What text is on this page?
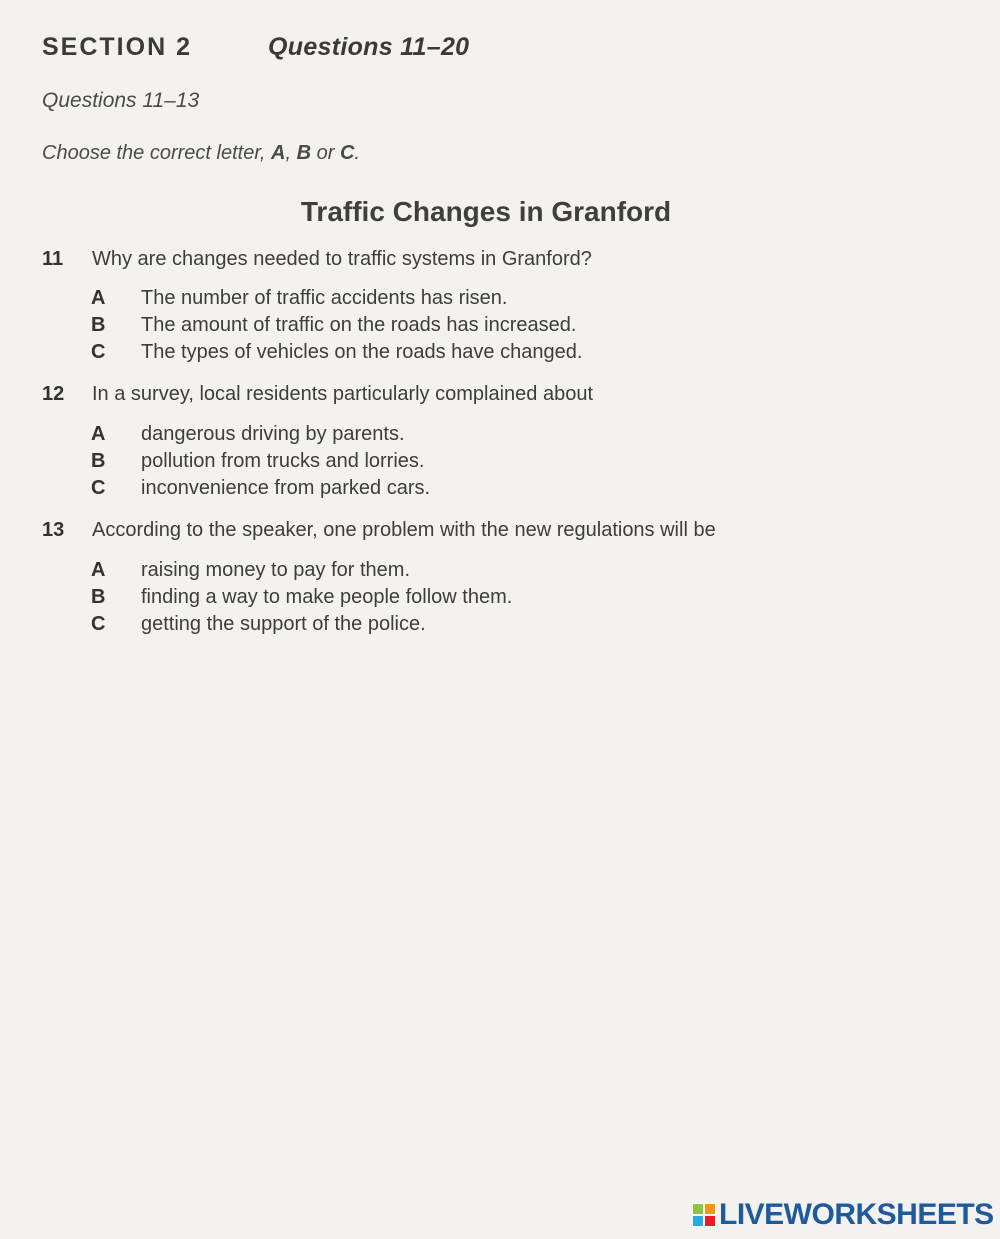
SECTION 2	Questions 11–20
Questions 11–13
Choose the correct letter, A, B or C.
Traffic Changes in Granford
11 Why are changes needed to traffic systems in Granford?
A The number of traffic accidents has risen.
B The amount of traffic on the roads has increased.
C The types of vehicles on the roads have changed.
12 In a survey, local residents particularly complained about
A dangerous driving by parents.
B pollution from trucks and lorries.
C inconvenience from parked cars.
13 According to the speaker, one problem with the new regulations will be
A raising money to pay for them.
B finding a way to make people follow them.
C getting the support of the police.
LIVEWORKSHEETS
